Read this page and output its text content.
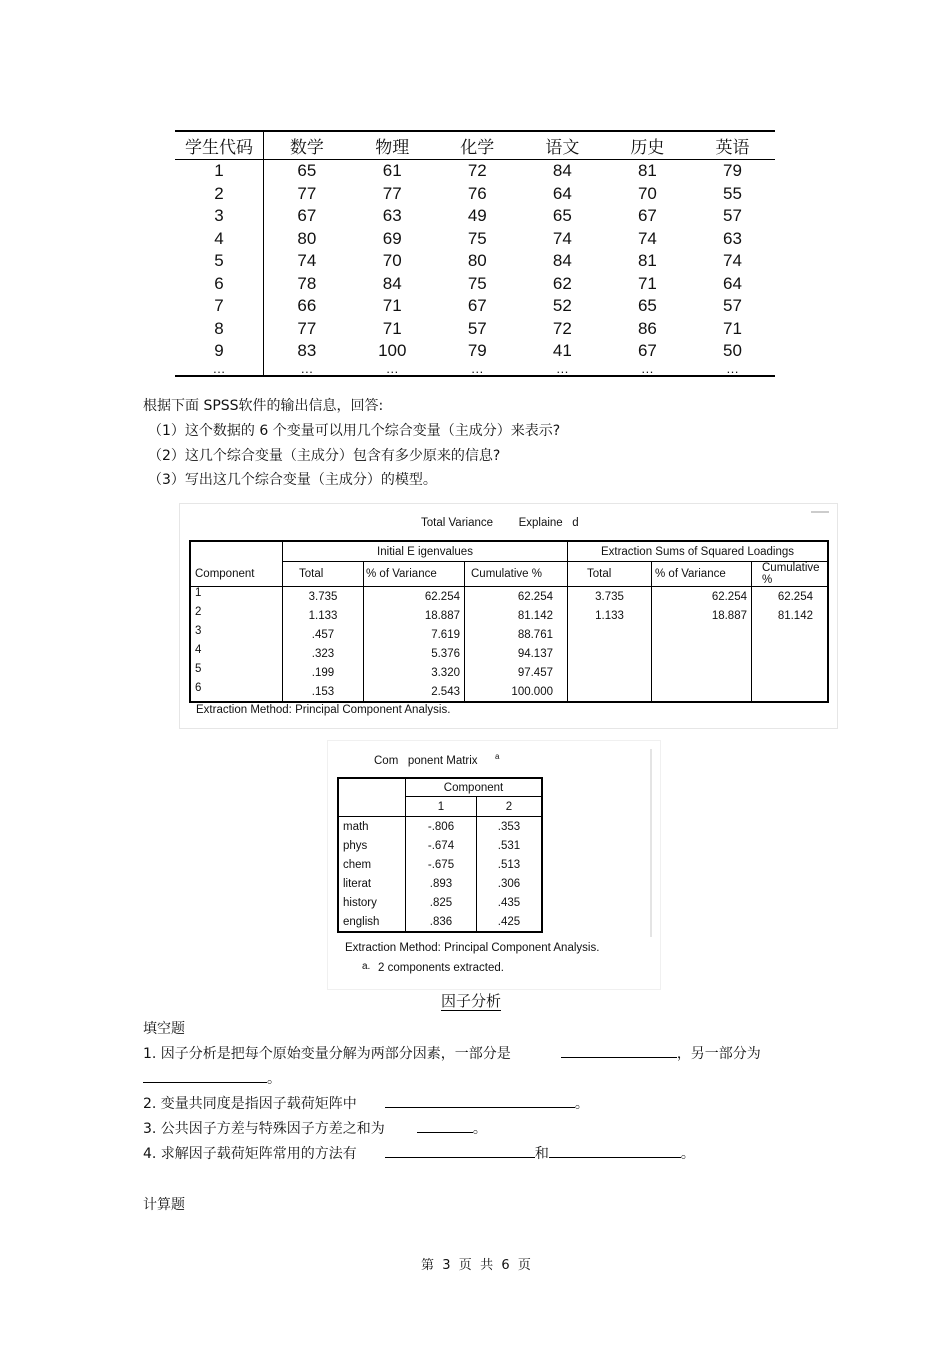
学生代码	数学	物理	化学	语文	历史	英语
1	65	61	72	84	81	79
2	77	77	76	64	70	55
3	67	63	49	65	67	57
4	80	69	75	74	74	63
5	74	70	80	84	81	74
6	78	84	75	62	71	64
7	66	71	67	52	65	57
8	77	71	57	72	86	71
9	83	100	79	41	67	50
…	…	…	…	…	…	…
根据下面 SPSS软件的输出信息，回答:
（1）这个数据的 6 个变量可以用几个综合变量（主成分）来表示?
（2）这几个综合变量（主成分）包含有多少原来的信息?
（3）写出这几个综合变量（主成分）的模型。
Total Variance        Explaine   d
	Initial E igenvalues			Extraction Sums of Squared Loadings		
Component	Total	% of Variance	Cumulative %	Total	% of Variance	Cumulative %
1	3.735	62.254	62.254	3.735	62.254	62.254
2	1.133	18.887	81.142	1.133	18.887	81.142
3	.457	7.619	88.761			
4	.323	5.376	94.137			
5	.199	3.320	97.457			
6	.153	2.543	100.000			
Extraction Method: Principal Component Analysis.
Com   ponent Matrix a
	Component	
	1	2
math	-.806	.353
phys	-.674	.531
chem	-.675	.513
literat	.893	.306
history	.825	.435
english	.836	.425
Extraction Method: Principal Component Analysis.
a. 2 components extracted.
因子分析
填空题
1. 因子分析是把每个原始变量分解为两部分因素，一部分是	，另一部分为
。
2. 变量共同度是指因子载荷矩阵中	。
3. 公共因子方差与特殊因子方差之和为	。
4. 求解因子载荷矩阵常用的方法有	和	。
计算题
第  3  页  共  6  页
